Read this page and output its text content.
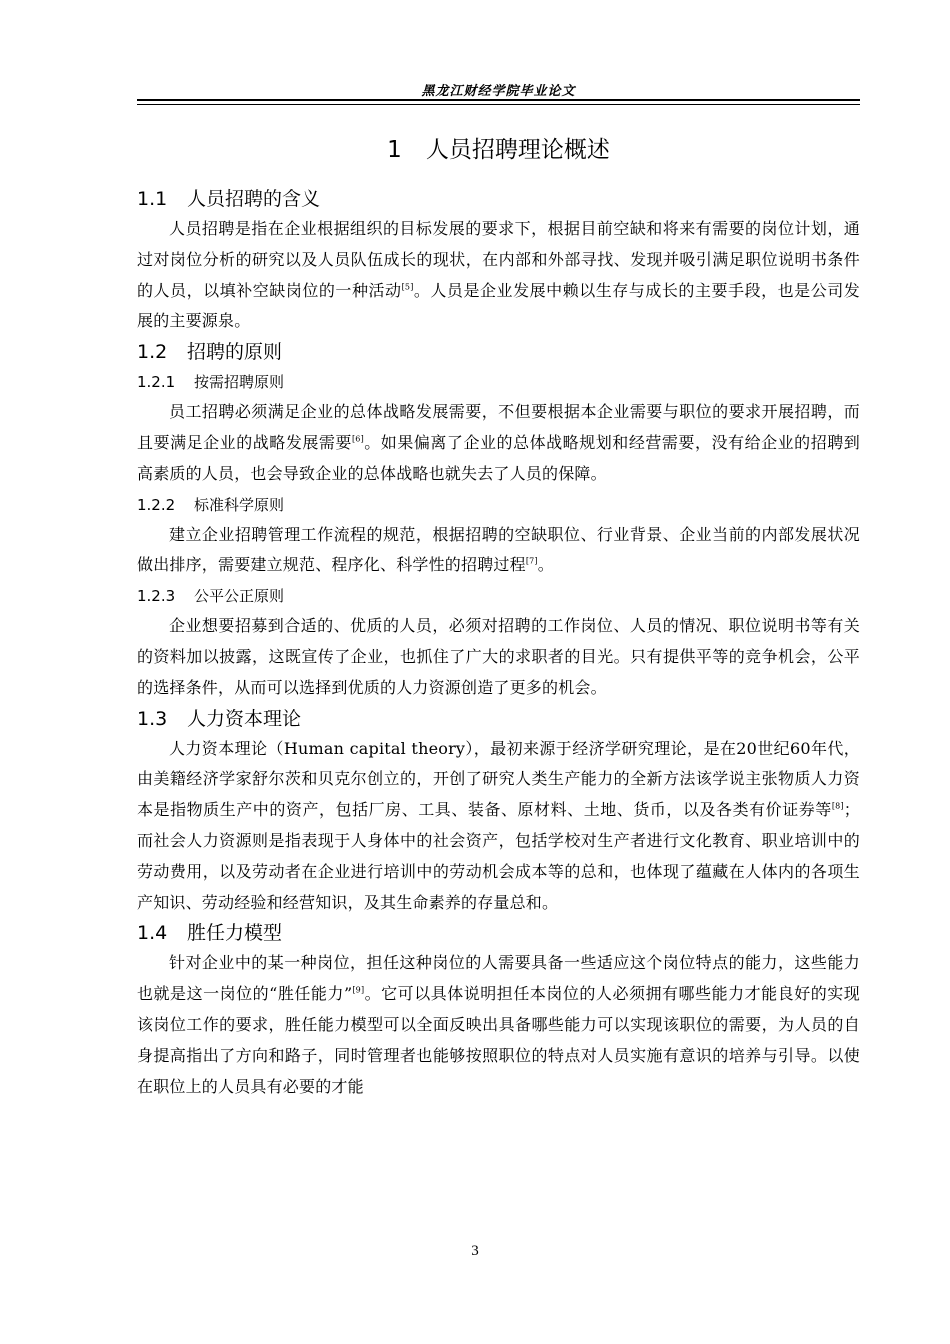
黑龙江财经学院毕业论文
1 人员招聘理论概述
1.1 人员招聘的含义

人员招聘是指在企业根据组织的目标发展的要求下，根据目前空缺和将来有需要的岗位计划，通过对岗位分析的研究以及人员队伍成长的现状，在内部和外部寻找、发现并吸引满足职位说明书条件的人员，以填补空缺岗位的一种活动[5]。人员是企业发展中赖以生存与成长的主要手段，也是公司发展的主要源泉。

1.2 招聘的原则
1.2.1 按需招聘原则

员工招聘必须满足企业的总体战略发展需要，不但要根据本企业需要与职位的要求开展招聘，而且要满足企业的战略发展需要[6]。如果偏离了企业的总体战略规划和经营需要，没有给企业的招聘到高素质的人员，也会导致企业的总体战略也就失去了人员的保障。

1.2.2 标准科学原则

建立企业招聘管理工作流程的规范，根据招聘的空缺职位、行业背景、企业当前的内部发展状况做出排序，需要建立规范、程序化、科学性的招聘过程[7]。

1.2.3 公平公正原则

企业想要招募到合适的、优质的人员，必须对招聘的工作岗位、人员的情况、职位说明书等有关的资料加以披露，这既宣传了企业，也抓住了广大的求职者的目光。只有提供平等的竞争机会，公平的选择条件，从而可以选择到优质的人力资源创造了更多的机会。

1.3 人力资本理论

人力资本理论（Human capital theory），最初来源于经济学研究理论，是在20世纪60年代，由美籍经济学家舒尔茨和贝克尔创立的，开创了研究人类生产能力的全新方法该学说主张物质人力资本是指物质生产中的资产，包括厂房、工具、装备、原材料、土地、货币，以及各类有价证券等[8]；而社会人力资源则是指表现于人身体中的社会资产，包括学校对生产者进行文化教育、职业培训中的劳动费用，以及劳动者在企业进行培训中的劳动机会成本等的总和，也体现了蕴藏在人体内的各项生产知识、劳动经验和经营知识，及其生命素养的存量总和。

1.4 胜任力模型

针对企业中的某一种岗位，担任这种岗位的人需要具备一些适应这个岗位特点的能力，这些能力也就是这一岗位的“胜任能力”[9]。它可以具体说明担任本岗位的人必须拥有哪些能力才能良好的实现该岗位工作的要求，胜任能力模型可以全面反映出具备哪些能力可以实现该职位的需要，为人员的自身提高指出了方向和路子，同时管理者也能够按照职位的特点对人员实施有意识的培养与引导。以使在职位上的人员具有必要的才能

3
